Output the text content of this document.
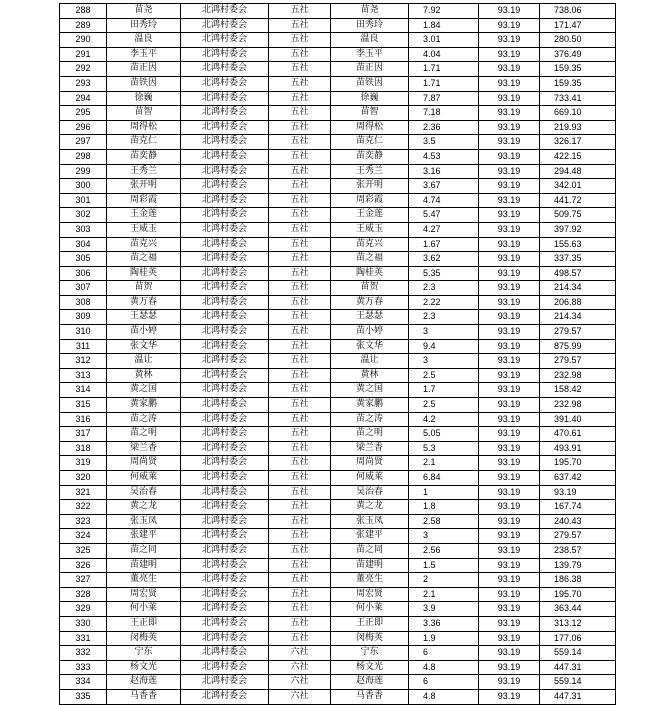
288	苗尧	北鸿村委会	五社	苗尧	7.92	93.19	738.06
289	田秀玲	北鸿村委会	五社	田秀玲	1.84	93.19	171.47
290	温良	北鸿村委会	五社	温良	3.01	93.19	280.50
291	李玉平	北鸿村委会	五社	李玉平	4.04	93.19	376.49
292	苗正因	北鸿村委会	五社	苗正因	1.71	93.19	159.35
293	苗铁因	北鸿村委会	五社	苗铁因	1.71	93.19	159.35
294	徐巍	北鸿村委会	五社	徐巍	7.87	93.19	733.41
295	苗智	北鸿村委会	五社	苗智	7.18	93.19	669.10
296	周得松	北鸿村委会	五社	周得松	2.36	93.19	219.93
297	苗克仁	北鸿村委会	五社	苗克仁	3.5	93.19	326.17
298	苗奕静	北鸿村委会	五社	苗奕静	4.53	93.19	422.15
299	王秀兰	北鸿村委会	五社	王秀兰	3.16	93.19	294.48
300	张开明	北鸿村委会	五社	张开明	3.67	93.19	342.01
301	周彩霞	北鸿村委会	五社	周彩霞	4.74	93.19	441.72
302	王金莲	北鸿村委会	五社	王金莲	5.47	93.19	509.75
303	王威玉	北鸿村委会	五社	王威玉	4.27	93.19	397.92
304	苗克兴	北鸿村委会	五社	苗克兴	1.67	93.19	155.63
305	苗之福	北鸿村委会	五社	苗之福	3.62	93.19	337.35
306	陶桂英	北鸿村委会	五社	陶桂英	5.35	93.19	498.57
307	苗贺	北鸿村委会	五社	苗贺	2.3	93.19	214.34
308	黄万春	北鸿村委会	五社	黄万春	2.22	93.19	206.88
309	王瑟瑟	北鸿村委会	五社	王瑟瑟	2.3	93.19	214.34
310	苗小婷	北鸿村委会	五社	苗小婷	3	93.19	279.57
311	张文华	北鸿村委会	五社	张文华	9.4	93.19	875.99
312	温让	北鸿村委会	五社	温让	3	93.19	279.57
313	黄林	北鸿村委会	五社	黄林	2.5	93.19	232.98
314	黄之国	北鸿村委会	五社	黄之国	1.7	93.19	158.42
315	黄家鹏	北鸿村委会	五社	黄家鹏	2.5	93.19	232.98
316	苗之涛	北鸿村委会	五社	苗之涛	4.2	93.19	391.40
317	苗之明	北鸿村委会	五社	苗之明	5.05	93.19	470.61
318	梁兰香	北鸿村委会	五社	梁兰香	5.3	93.19	493.91
319	周尚贤	北鸿村委会	五社	周尚贤	2.1	93.19	195.70
320	何威莱	北鸿村委会	五社	何威莱	6.84	93.19	637.42
321	吴治春	北鸿村委会	五社	吴治春	1	93.19	93.19
322	黄之龙	北鸿村委会	五社	黄之龙	1.8	93.19	167.74
323	张玉凤	北鸿村委会	五社	张玉凤	2.58	93.19	240.43
324	张建平	北鸿村委会	五社	张建平	3	93.19	279.57
325	苗之同	北鸿村委会	五社	苗之同	2.56	93.19	238.57
326	苗建明	北鸿村委会	五社	苗建明	1.5	93.19	139.79
327	董亮生	北鸿村委会	五社	董亮生	2	93.19	186.38
328	周宏贤	北鸿村委会	五社	周宏贤	2.1	93.19	195.70
329	何小莱	北鸿村委会	五社	何小莱	3.9	93.19	363.44
330	王正即	北鸿村委会	五社	王正即	3.36	93.19	313.12
331	闵梅英	北鸿村委会	五社	闵梅英	1.9	93.19	177.06
332	宁东	北鸿村委会	六社	宁东	6	93.19	559.14
333	杨文光	北鸿村委会	六社	杨文光	4.8	93.19	447.31
334	赵海莲	北鸿村委会	六社	赵海莲	6	93.19	559.14
335	马香香	北鸿村委会	六社	马香香	4.8	93.19	447.31
